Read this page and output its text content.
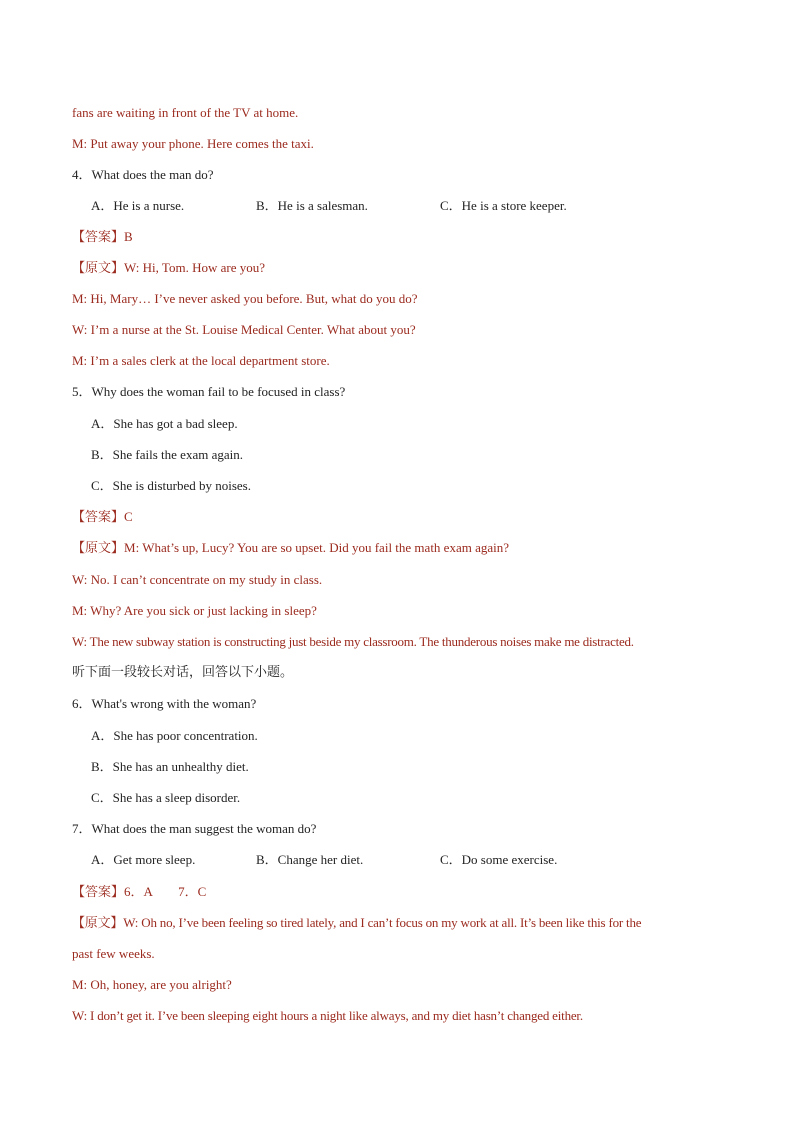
fans are waiting in front of the TV at home.
M: Put away your phone. Here comes the taxi.
4．What does the man do?
A．He is a nurse.	B．He is a salesman.	C．He is a store keeper.
【答案】B
【原文】W: Hi, Tom. How are you?
M: Hi, Mary… I’ve never asked you before. But, what do you do?
W: I’m a nurse at the St. Louise Medical Center. What about you?
M: I’m a sales clerk at the local department store.
5．Why does the woman fail to be focused in class?
A．She has got a bad sleep.
B．She fails the exam again.
C．She is disturbed by noises.
【答案】C
【原文】M: What’s up, Lucy? You are so upset. Did you fail the math exam again?
W: No. I can’t concentrate on my study in class.
M: Why? Are you sick or just lacking in sleep?
W: The new subway station is constructing just beside my classroom. The thunderous noises make me distracted.
听下面一段较长对话，回答以下小题。
6．What's wrong with the woman?
A．She has poor concentration.
B．She has an unhealthy diet.
C．She has a sleep disorder.
7．What does the man suggest the woman do?
A．Get more sleep.	B．Change her diet.	C．Do some exercise.
【答案】6．A　　7．C
【原文】W: Oh no, I’ve been feeling so tired lately, and I can’t focus on my work at all. It’s been like this for the
past few weeks.
M: Oh, honey, are you alright?
W: I don’t get it. I’ve been sleeping eight hours a night like always, and my diet hasn’t changed either.
